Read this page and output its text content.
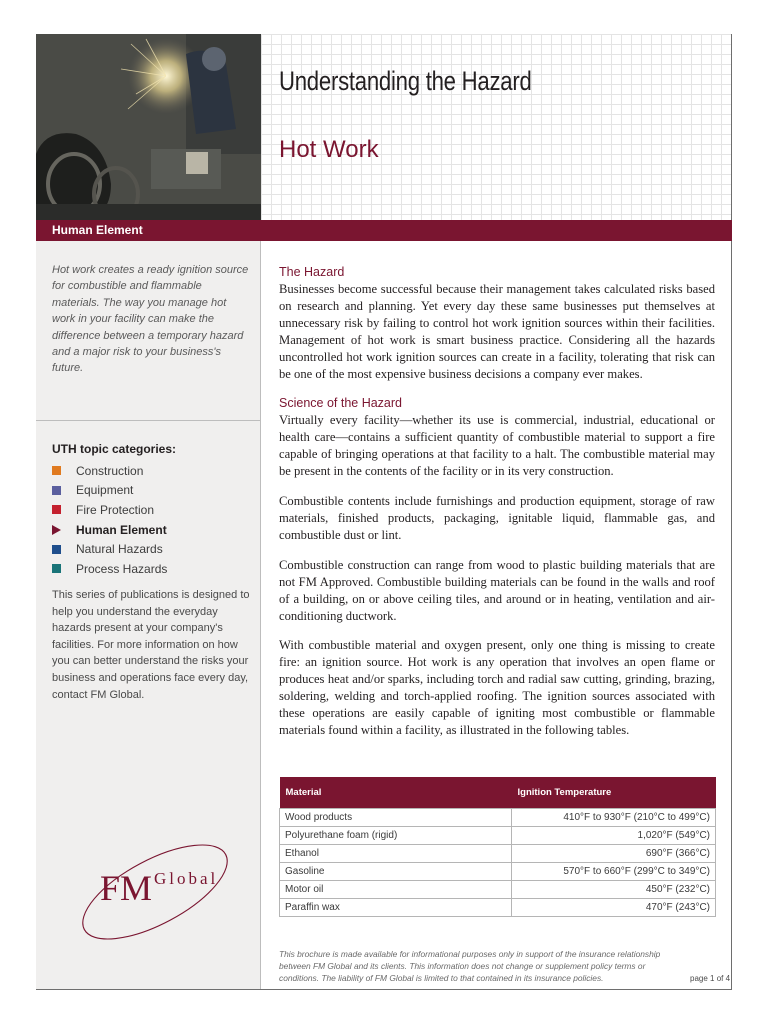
Understanding the Hazard
Hot Work
Human Element
Hot work creates a ready ignition source for combustible and flammable materials. The way you manage hot work in your facility can make the difference between a temporary hazard and a major risk to your business's future.
UTH topic categories:
Construction
Equipment
Fire Protection
Human Element
Natural Hazards
Process Hazards
This series of publications is designed to help you understand the everyday hazards present at your company's facilities. For more information on how you can better understand the risks your business and operations face every day, contact FM Global.
FM Global
The Hazard

Businesses become successful because their management takes calculated risks based on research and planning. Yet every day these same businesses put themselves at unnecessary risk by failing to control hot work ignition sources within their facilities. Management of hot work is smart business practice. Considering all the hazards uncontrolled hot work ignition sources can create in a facility, tolerating that risk can be one of the most expensive business decisions a company ever makes.

Science of the Hazard

Virtually every facility—whether its use is commercial, industrial, educational or health care—contains a sufficient quantity of combustible material to support a fire capable of bringing operations at that facility to a halt. The combustible material may be present in the contents of the facility or in its very construction.

Combustible contents include furnishings and production equipment, storage of raw materials, finished products, packaging, ignitable liquid, flammable gas, and combustible dust or lint.

Combustible construction can range from wood to plastic building materials that are not FM Approved. Combustible building materials can be found in the walls and roof of a building, on or above ceiling tiles, and around or in heating, ventilation and air-conditioning ductwork.

With combustible material and oxygen present, only one thing is missing to create fire: an ignition source. Hot work is any operation that involves an open flame or produces heat and/or sparks, including torch and radial saw cutting, grinding, brazing, soldering, welding and torch-applied roofing. The ignition sources associated with these operations are easily capable of igniting most combustible or flammable materials found within a facility, as illustrated in the following tables.

Material	Ignition Temperature
Wood products	410°F to 930°F (210°C to 499°C)
Polyurethane foam (rigid)	1,020°F (549°C)
Ethanol	690°F (366°C)
Gasoline	570°F to 660°F (299°C to 349°C)
Motor oil	450°F (232°C)
Paraffin wax	470°F (243°C)
This brochure is made available for informational purposes only in support of the insurance relationship between FM Global and its clients. This information does not change or supplement policy terms or conditions. The liability of FM Global is limited to that contained in its insurance policies.	page 1 of 4
